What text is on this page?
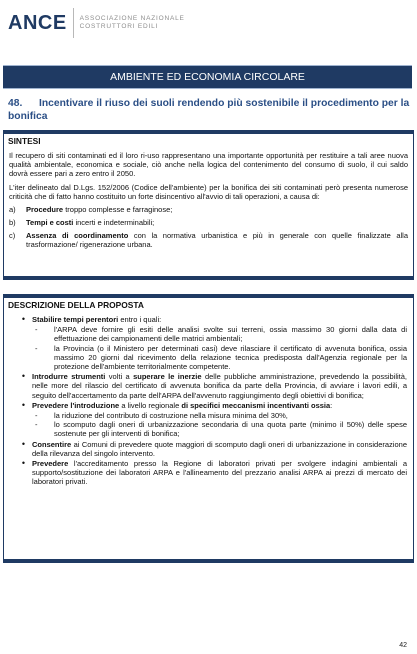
ANCE ASSOCIAZIONE NAZIONALE
COSTRUTTORI EDILI
AMBIENTE ED ECONOMIA CIRCOLARE
48. Incentivare il riuso dei suoli rendendo più sostenibile il procedimento per la bonifica
SINTESI

Il recupero di siti contaminati ed il loro ri-uso rappresentano una importante opportunità per restituire a tali aree nuova qualità ambientale, economica e sociale, ciò anche nella logica del contenimento del consumo di suolo, il cui saldo dovrà essere pari a zero entro il 2050.

L'iter delineato dal D.Lgs. 152/2006 (Codice dell'ambiente) per la bonifica dei siti contaminati però presenta numerose criticità che di fatto hanno costituito un forte disincentivo all'avvio di tali operazioni, a causa di:

a)	Procedure troppo complesse e farraginose;
b)	Tempi e costi incerti e indeterminabili;
c)	Assenza di coordinamento con la normativa urbanistica e più in generale con quelle finalizzate alla trasformazione/ rigenerazione urbana.
DESCRIZIONE DELLA PROPOSTA
• Stabilire tempi perentori entro i quali:
-	l'ARPA deve fornire gli esiti delle analisi svolte sui terreni, ossia massimo 30 giorni dalla data di effettuazione dei campionamenti delle matrici ambientali;
-	la Provincia (o il Ministero per determinati casi) deve rilasciare il certificato di avvenuta bonifica, ossia massimo 20 giorni dal ricevimento della relazione tecnica predisposta dall'Agenzia regionale per la protezione dell'ambiente territorialmente competente.
• Introdurre strumenti volti a superare le inerzie delle pubbliche amministrazione, prevedendo la possibilità, nelle more del rilascio del certificato di avvenuta bonifica da parte della Provincia, di avviare i lavori edili, a seguito dell'accertamento da parte dell'ARPA dell'avvenuto raggiungimento degli obiettivi di bonifica;
• Prevedere l'introduzione a livello regionale di specifici meccanismi incentivanti ossia:
-	la riduzione del contributo di costruzione nella misura minima del 30%,
-	lo scomputo dagli oneri di urbanizzazione secondaria di una quota parte (minimo il 50%) delle spese sostenute per gli interventi di bonifica;
• Consentire ai Comuni di prevedere quote maggiori di scomputo dagli oneri di urbanizzazione in considerazione della rilevanza del singolo intervento.
• Prevedere l'accreditamento presso la Regione di laboratori privati per svolgere indagini ambientali a supporto/sostituzione dei laboratori ARPA e l'allineamento del prezzario analisi ARPA ai prezzi di mercato dei laboratori privati.
42
